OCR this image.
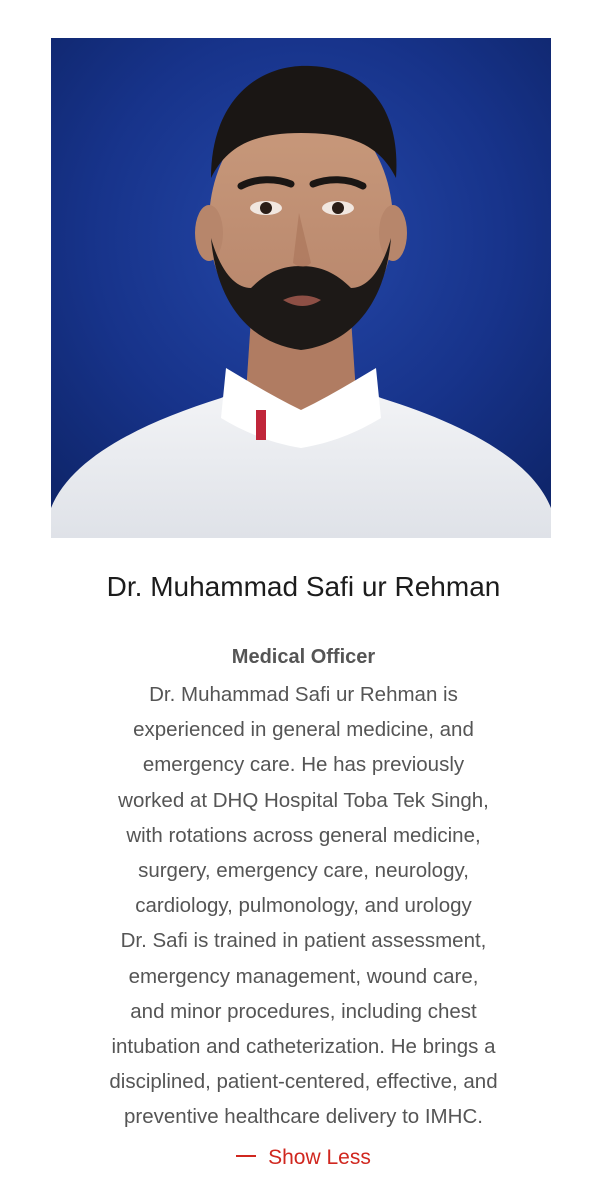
Dr. Muhammad Safi ur Rehman
Medical Officer

Dr. Muhammad Safi ur Rehman is
experienced in general medicine, and
emergency care. He has previously
worked at DHQ Hospital Toba Tek Singh,
with rotations across general medicine,
surgery, emergency care, neurology,
cardiology, pulmonology, and urology
Dr. Safi is trained in patient assessment,
emergency management, wound care,
and minor procedures, including chest
intubation and catheterization. He brings a
disciplined, patient-centered, effective, and
preventive healthcare delivery to IMHC.

Show Less
